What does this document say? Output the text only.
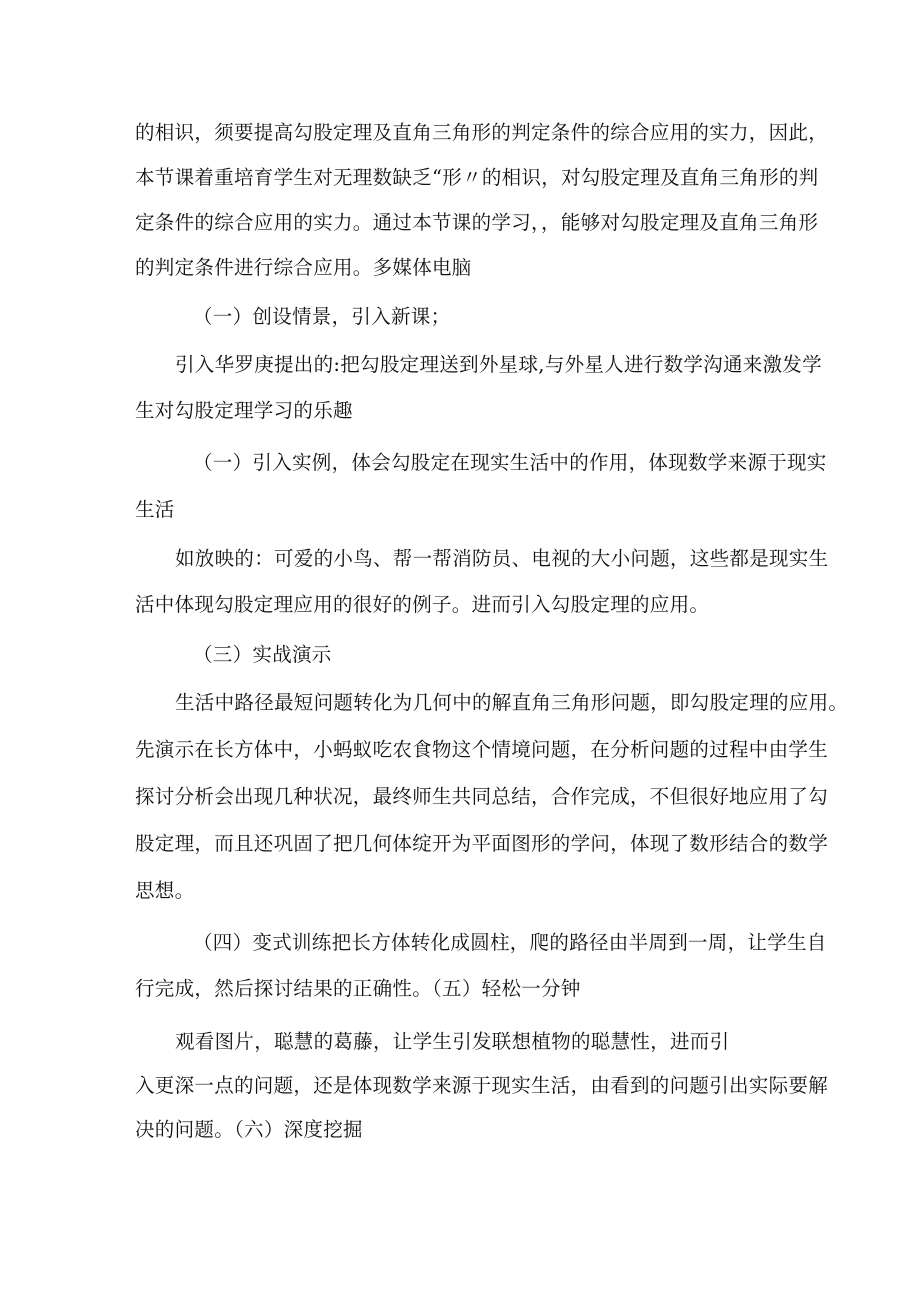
的相识，须要提高勾股定理及直角三角形的判定条件的综合应用的实力，因此，
本节课着重培育学生对无理数缺乏“形〃的相识，对勾股定理及直角三角形的判
定条件的综合应用的实力。通过本节课的学习，，能够对勾股定理及直角三角形
的判定条件进行综合应用。多媒体电脑
（一）创设情景，引入新课；
引入华罗庚提出的:把勾股定理送到外星球,与外星人进行数学沟通来激发学
生对勾股定理学习的乐趣
（一）引入实例，体会勾股定在现实生活中的作用，体现数学来源于现实
生活
如放映的：可爱的小鸟、帮一帮消防员、电视的大小问题，这些都是现实生
活中体现勾股定理应用的很好的例子。进而引入勾股定理的应用。
（三）实战演示
生活中路径最短问题转化为几何中的解直角三角形问题，即勾股定理的应用。
先演示在长方体中，小蚂蚁吃农食物这个情境问题，在分析问题的过程中由学生
探讨分析会出现几种状况，最终师生共同总结，合作完成，不但很好地应用了勾
股定理，而且还巩固了把几何体绽开为平面图形的学问，体现了数形结合的数学
思想。
（四）变式训练把长方体转化成圆柱，爬的路径由半周到一周，让学生自
行完成，然后探讨结果的正确性。（五）轻松一分钟
观看图片，聪慧的葛藤，让学生引发联想植物的聪慧性，进而引
入更深一点的问题，还是体现数学来源于现实生活，由看到的问题引出实际要解
决的问题。（六）深度挖掘
